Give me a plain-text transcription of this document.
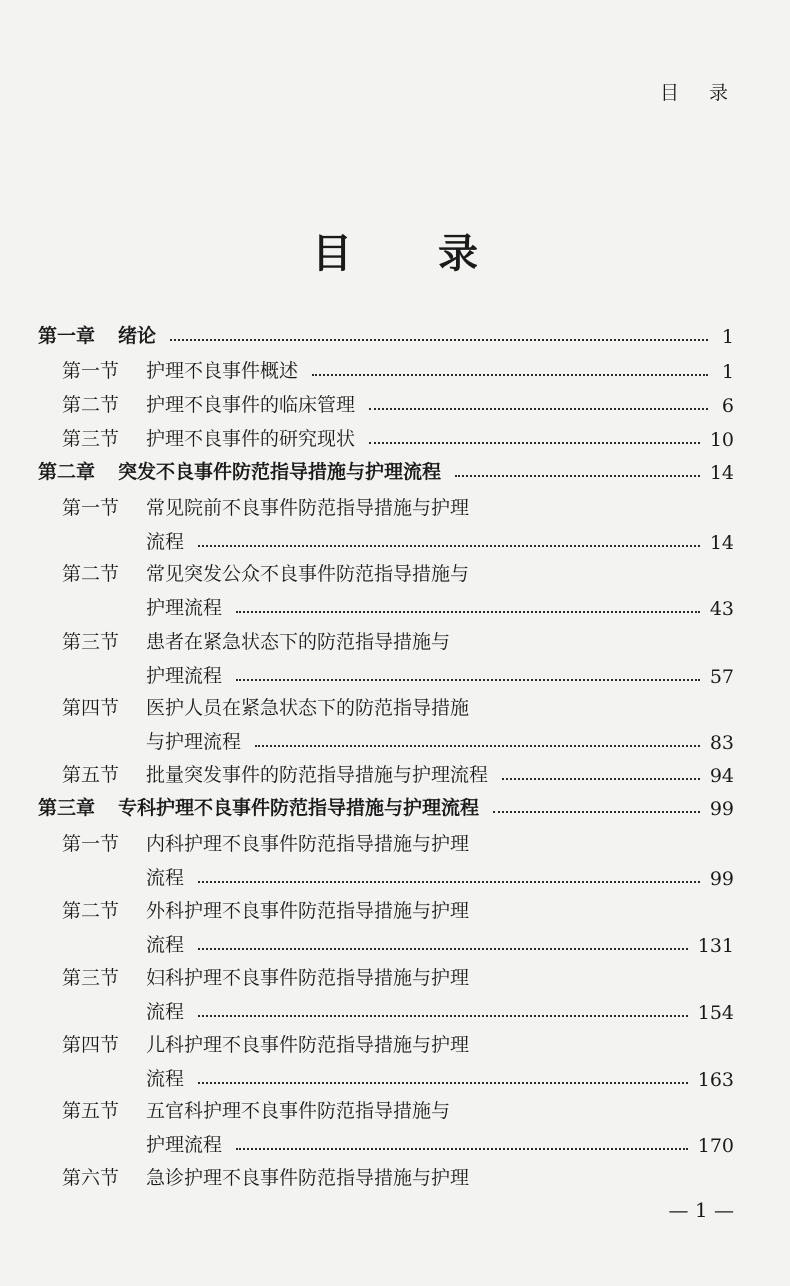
目 录
目 录
第一章	绪论	1
第一节	护理不良事件概述	1
第二节	护理不良事件的临床管理	6
第三节	护理不良事件的研究现状	10
第二章	突发不良事件防范指导措施与护理流程	14
第一节	常见院前不良事件防范指导措施与护理
流程	14
第二节	常见突发公众不良事件防范指导措施与
护理流程	43
第三节	患者在紧急状态下的防范指导措施与
护理流程	57
第四节	医护人员在紧急状态下的防范指导措施
与护理流程	83
第五节	批量突发事件的防范指导措施与护理流程	94
第三章	专科护理不良事件防范指导措施与护理流程	99
第一节	内科护理不良事件防范指导措施与护理
流程	99
第二节	外科护理不良事件防范指导措施与护理
流程	131
第三节	妇科护理不良事件防范指导措施与护理
流程	154
第四节	儿科护理不良事件防范指导措施与护理
流程	163
第五节	五官科护理不良事件防范指导措施与
护理流程	170
第六节	急诊护理不良事件防范指导措施与护理
— 1 —
